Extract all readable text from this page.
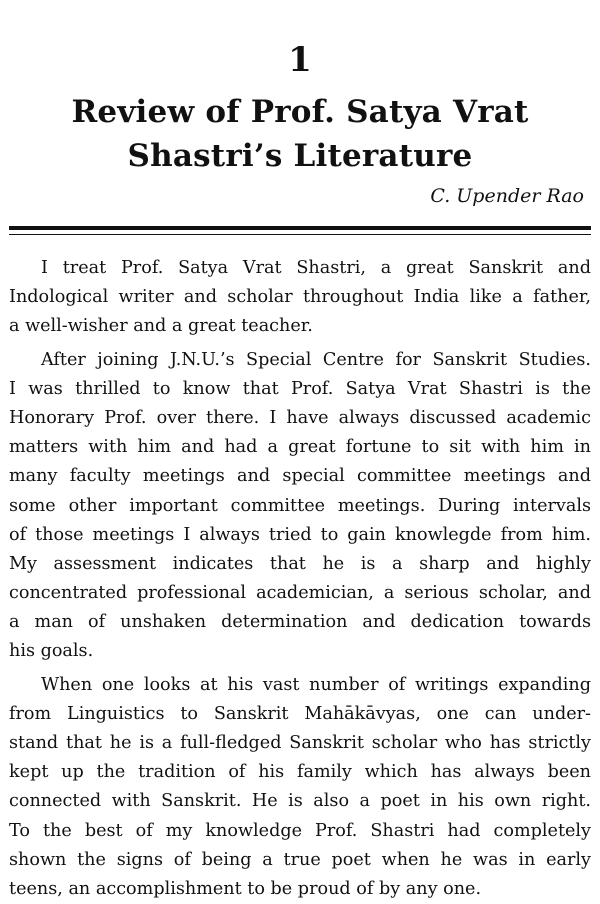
1
Review of Prof. Satya Vrat
Shastri’s Literature
C. Upender Rao
I treat Prof. Satya Vrat Shastri, a great Sanskrit and
Indological writer and scholar throughout India like a father,
a well-wisher and a great teacher.
After joining J.N.U.’s Special Centre for Sanskrit Studies.
I was thrilled to know that Prof. Satya Vrat Shastri is the
Honorary Prof. over there. I have always discussed academic
matters with him and had a great fortune to sit with him in
many faculty meetings and special committee meetings and
some other important committee meetings. During intervals
of those meetings I always tried to gain knowlegde from him.
My assessment indicates that he is a sharp and highly
concentrated professional academician, a serious scholar, and
a man of unshaken determination and dedication towards
his goals.
When one looks at his vast number of writings expanding
from Linguistics to Sanskrit Mahākāvyas, one can under-
stand that he is a full-fledged Sanskrit scholar who has strictly
kept up the tradition of his family which has always been
connected with Sanskrit. He is also a poet in his own right.
To the best of my knowledge Prof. Shastri had completely
shown the signs of being a true poet when he was in early
teens, an accomplishment to be proud of by any one.
